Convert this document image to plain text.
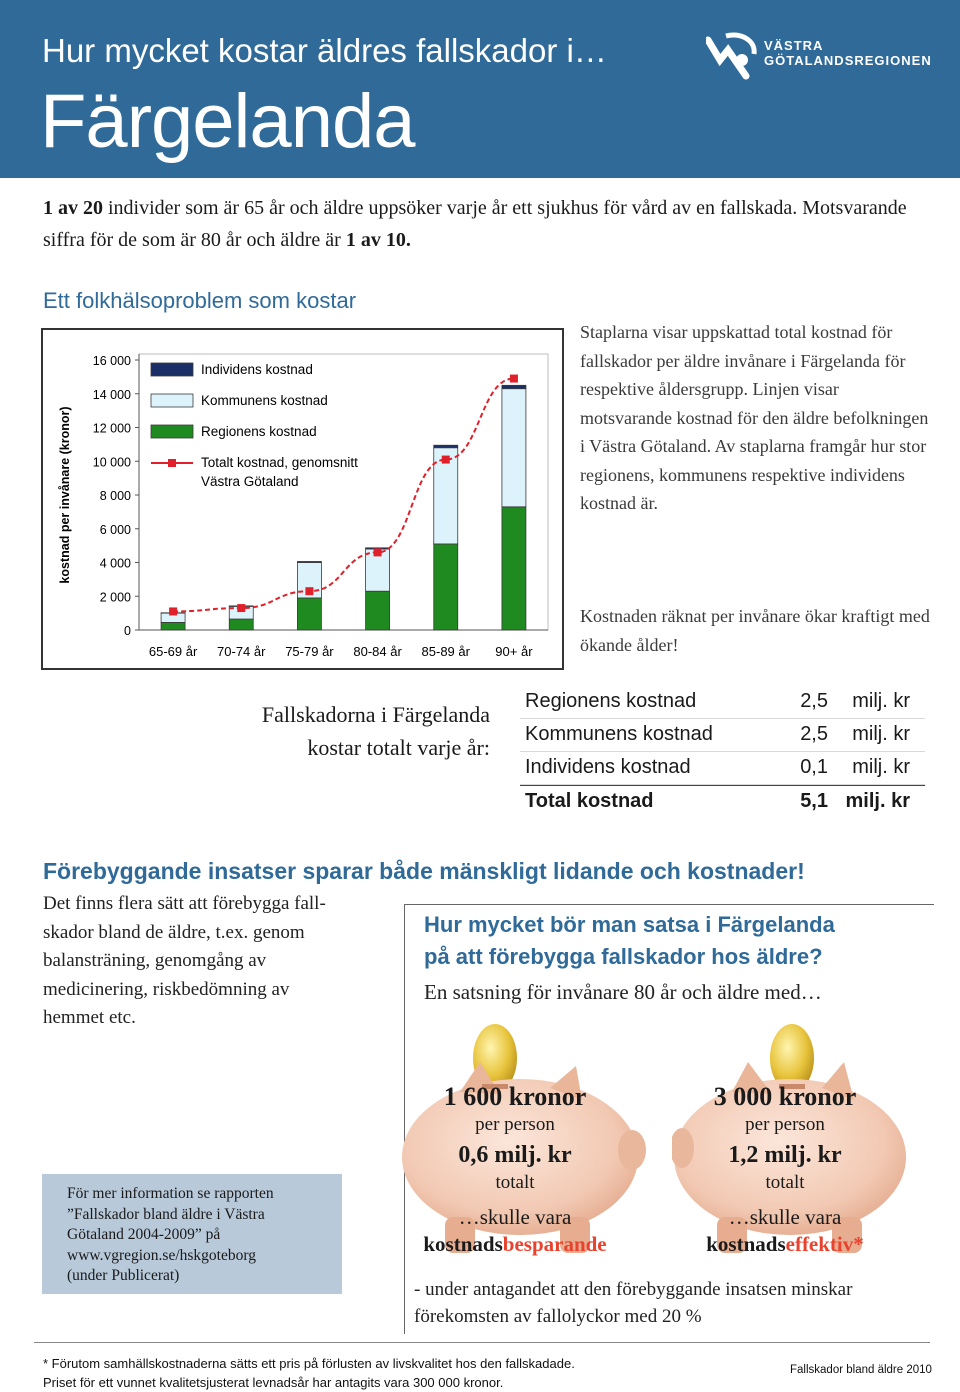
Hur mycket kostar äldres fallskador i…
Färgelanda
VÄSTRA
GÖTALANDSREGIONEN
1 av 20 individer som är 65 år och äldre uppsöker varje år ett sjukhus för vård av en fallskada. Motsvarande siffra för de som är 80 år och äldre är 1 av 10.
Ett folkhälsoproblem som kostar
0
2 000
4 000
6 000
8 000
10 000
12 000
14 000
16 000
kostnad per invånare (kronor)
65-69 år 70-74 år 75-79 år 80-84 år 85-89 år 90+ år
Individens kostnad
Kommunens kostnad
Regionens kostnad
Totalt kostnad, genomsnitt
Västra Götaland
Staplarna visar uppskattad total kostnad för fallskador per äldre invånare i Färgelanda för respektive åldersgrupp. Linjen visar motsvarande kostnad för den äldre befolkningen i Västra Götaland. Av staplarna framgår hur stor regionens, kommunens respektive individens kostnad är.
Kostnaden räknat per invånare ökar kraftigt med ökande ålder!
Fallskadorna i Färgelanda
kostar totalt varje år:
Regionens kostnad	2,5 milj. kr
Kommunens kostnad	2,5 milj. kr
Individens kostnad	0,1 milj. kr
Total kostnad	5,1 milj. kr
Förebyggande insatser sparar både mänskligt lidande och kostnader!
Det finns flera sätt att förebygga fall-
skador bland de äldre, t.ex. genom
balansträning, genomgång av
medicinering, riskbedömning av
hemmet etc.
Hur mycket bör man satsa i Färgelanda
på att förebygga fallskador hos äldre?
En satsning för invånare 80 år och äldre med…
1 600 kronor
per person
0,6 milj. kr
totalt
…skulle vara
kostnadsbesparande
3 000 kronor
per person
1,2 milj. kr
totalt
…skulle vara
kostnadseffektiv*
- under antagandet att den förebyggande insatsen minskar förekomsten av fallolyckor med 20 %
För mer information se rapporten
”Fallskador bland äldre i Västra
Götaland 2004-2009” på
www.vgregion.se/hskgoteborg
(under Publicerat)
* Förutom samhällskostnaderna sätts ett pris på förlusten av livskvalitet hos den fallskadade.
Priset för ett vunnet kvalitetsjusterat levnadsår har antagits vara 300 000 kronor.
Fallskador bland äldre 2010
